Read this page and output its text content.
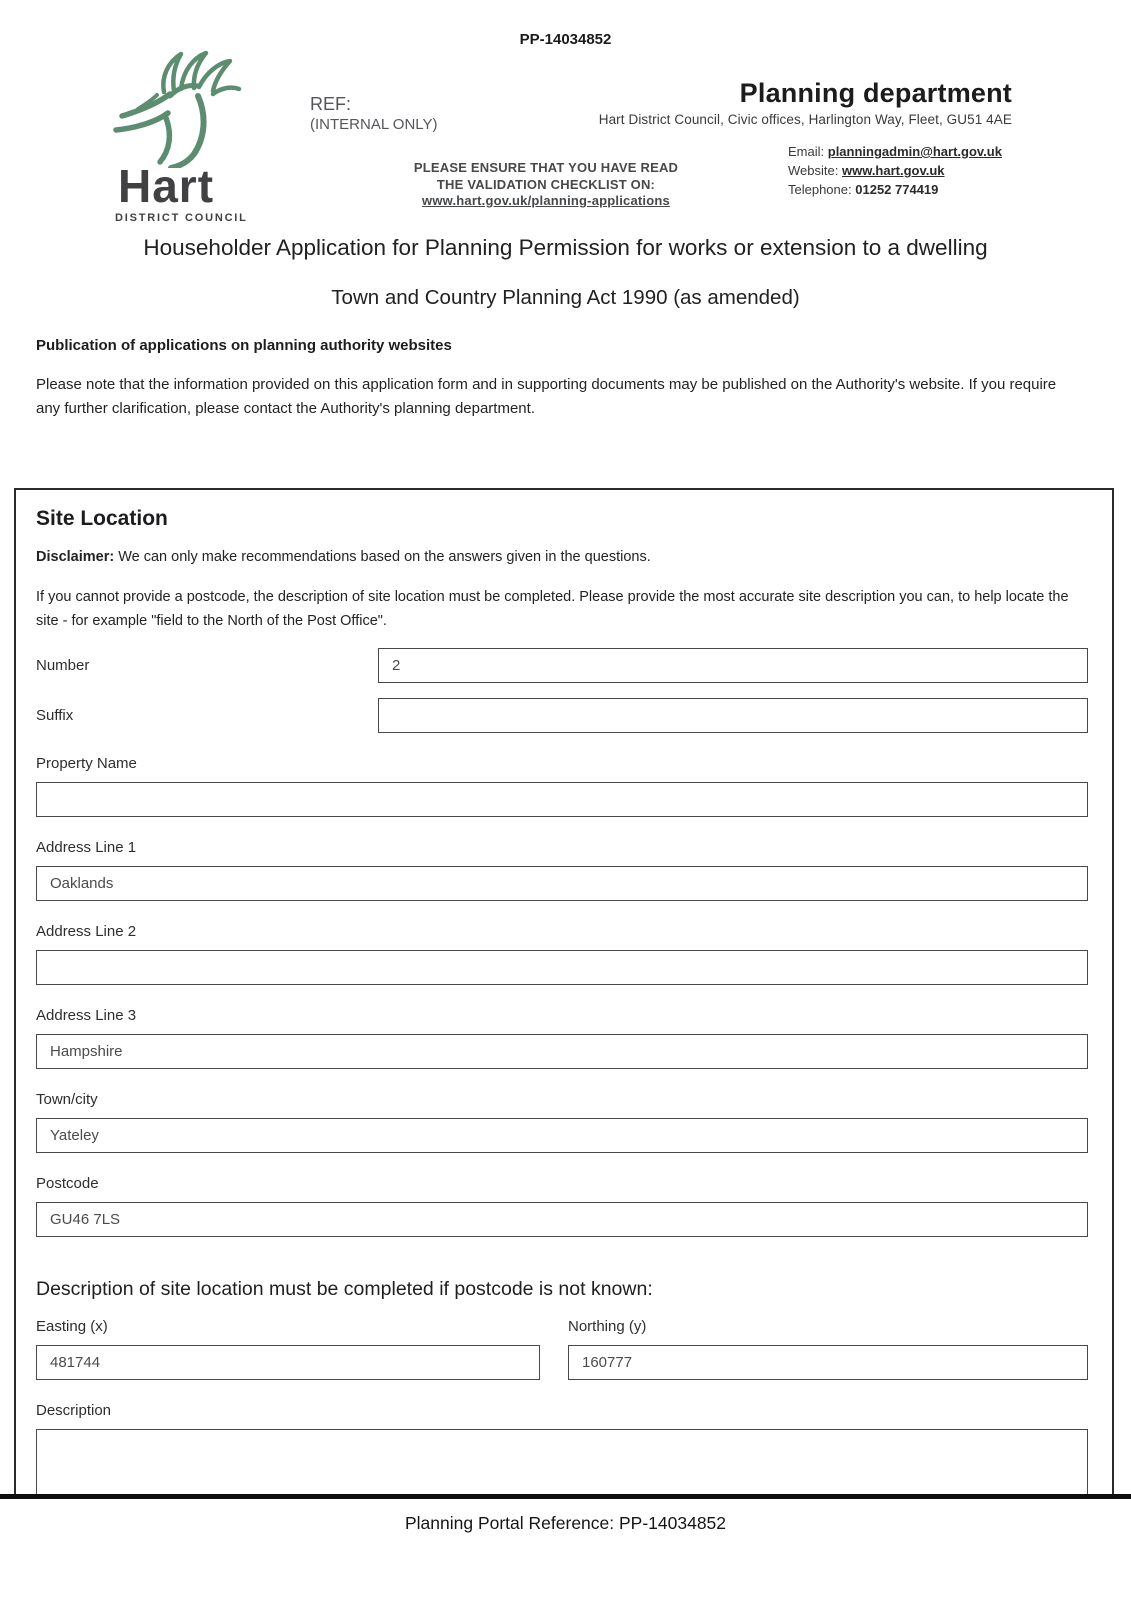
PP-14034852
Hart
DISTRICT COUNCIL
REF:
(INTERNAL ONLY)
Planning department
Hart District Council, Civic offices, Harlington Way, Fleet, GU51 4AE
Email: planningadmin@hart.gov.uk
Website: www.hart.gov.uk
Telephone: 01252 774419
PLEASE ENSURE THAT YOU HAVE READ
THE VALIDATION CHECKLIST ON:
www.hart.gov.uk/planning-applications
Householder Application for Planning Permission for works or extension to a dwelling
Town and Country Planning Act 1990 (as amended)
Publication of applications on planning authority websites
Please note that the information provided on this application form and in supporting documents may be published on the Authority's website. If you require any further clarification, please contact the Authority's planning department.
Site Location
Disclaimer: We can only make recommendations based on the answers given in the questions.
If you cannot provide a postcode, the description of site location must be completed. Please provide the most accurate site description you can, to help locate the site - for example "field to the North of the Post Office".
Number
2
Suffix
Property Name
Address Line 1
Oaklands
Address Line 2
Address Line 3
Hampshire
Town/city
Yateley
Postcode
GU46 7LS
Description of site location must be completed if postcode is not known:
Easting (x)
481744	Northing (y)
160777
Description
Planning Portal Reference: PP-14034852
